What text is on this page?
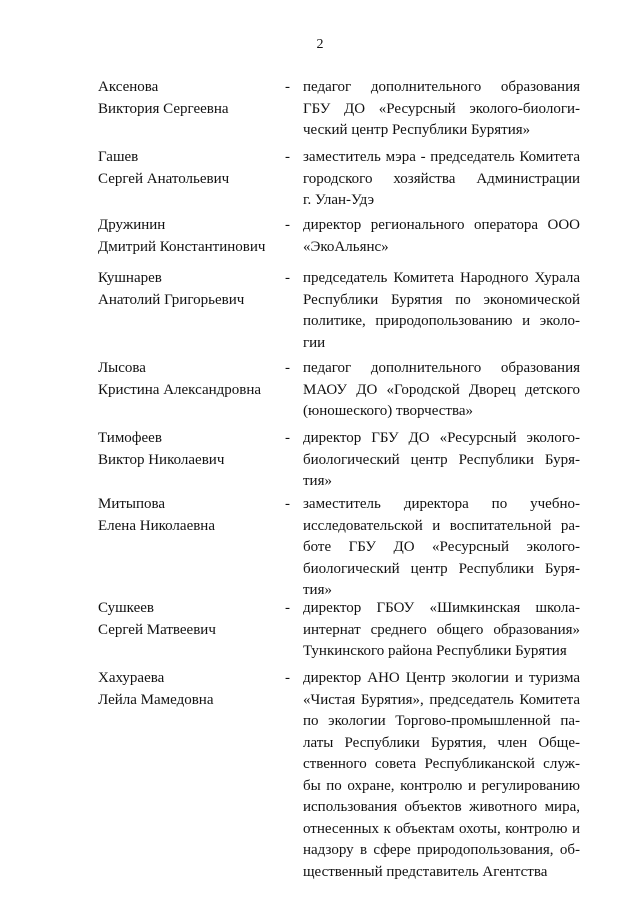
2
Аксенова
Виктория Сергеевна
- педагог дополнительного образования
ГБУ ДО «Ресурсный эколого-биологи-
ческий центр Республики Бурятия»
Гашев
Сергей Анатольевич
- заместитель мэра - председатель Комитета
городского хозяйства Администрации
г. Улан-Удэ
Дружинин
Дмитрий Константинович
- директор регионального оператора ООО
«ЭкоАльянс»
Кушнарев
Анатолий Григорьевич
- председатель Комитета Народного Хурала
Республики Бурятия по экономической
политике, природопользованию и эколо-
гии
Лысова
Кристина Александровна
- педагог дополнительного образования
МАОУ ДО «Городской Дворец детского
(юношеского) творчества»
Тимофеев
Виктор Николаевич
- директор ГБУ ДО «Ресурсный эколого-
биологический центр Республики Буря-
тия»
Митыпова
Елена Николаевна
- заместитель директора по учебно-
исследовательской и воспитательной ра-
боте ГБУ ДО «Ресурсный эколого-
биологический центр Республики Буря-
тия»
Сушкеев
Сергей Матвеевич
- директор ГБОУ «Шимкинская школа-
интернат среднего общего образования»
Тункинского района Республики Бурятия
Хахураева
Лейла Мамедовна
- директор АНО Центр экологии и туризма
«Чистая Бурятия», председатель Комитета
по экологии Торгово-промышленной па-
латы Республики Бурятия, член Обще-
ственного совета Республиканской служ-
бы по охране, контролю и регулированию
использования объектов животного мира,
отнесенных к объектам охоты, контролю и
надзору в сфере природопользования, об-
щественный представитель Агентства
